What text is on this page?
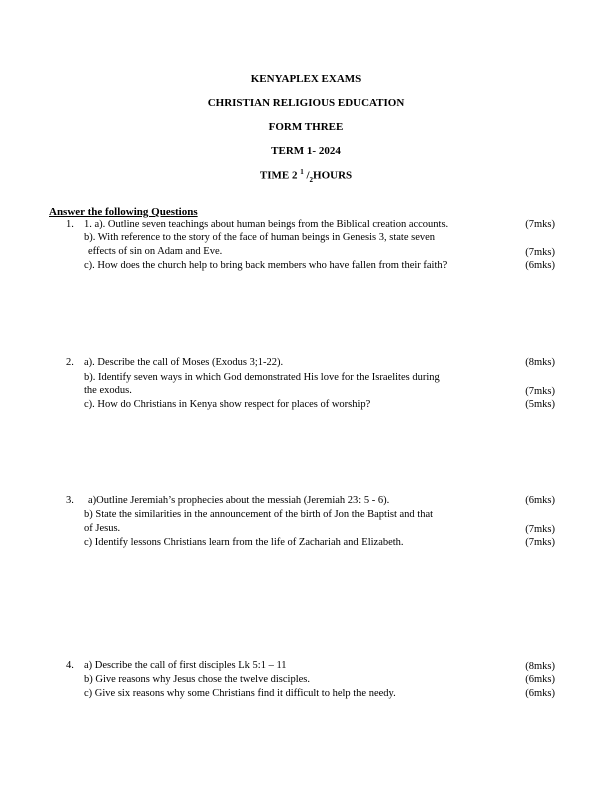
KENYAPLEX EXAMS
CHRISTIAN RELIGIOUS EDUCATION
FORM THREE
TERM 1- 2024
TIME 2 $^1$ $/_2HOURS$
Answer the following Questions
1. 1. a). Outline seven teachings about human beings from the Biblical creation accounts.	(7mks)
b). With reference to the story of the face of human beings in Genesis 3, state seven
effects of sin on Adam and Eve.	(7mks)
c). How does the church help to bring back members who have fallen from their faith?	(6mks)
2. a). Describe the call of Moses (Exodus 3;1-22).	(8mks)
b). Identify seven ways in which God demonstrated His love for the Israelites during
the exodus.	(7mks)
c). How do Christians in Kenya show respect for places of worship?	(5mks)
3. a)Outline Jeremiah’s prophecies about the messiah (Jeremiah 23: 5 - 6).	(6mks)
b) State the similarities in the announcement of the birth of Jon the Baptist and that
of Jesus.	(7mks)
c) Identify lessons Christians learn from the life of Zachariah and Elizabeth.	(7mks)
4. a) Describe the call of first disciples Lk 5:1 – 11	(8mks)
b) Give reasons why Jesus chose the twelve disciples.	(6mks)
c) Give six reasons why some Christians find it difficult to help the needy.	(6mks)
